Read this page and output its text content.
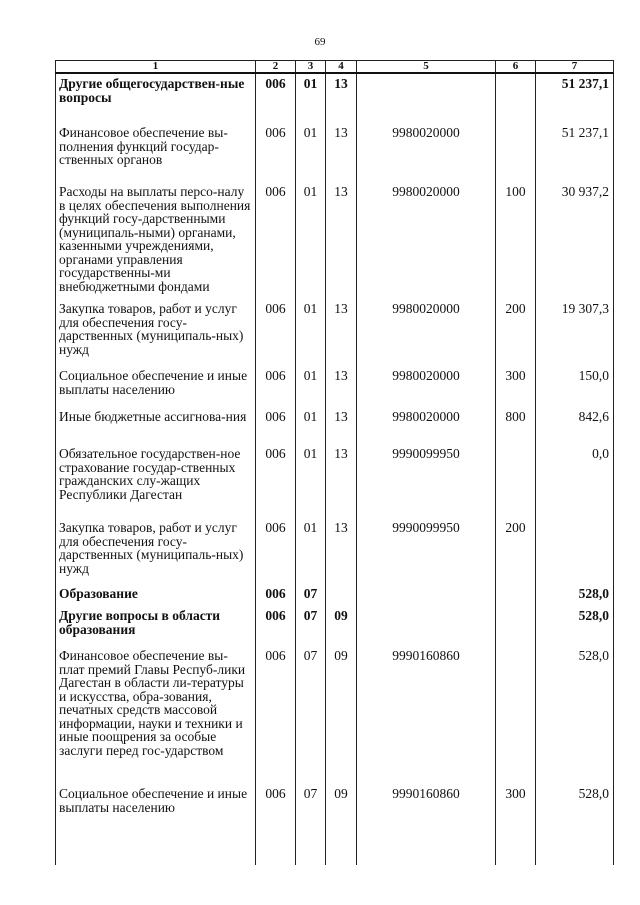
69
1	2	3	4	5	6	7
Другие общегосударствен-ные вопросы	006	01	13			51 237,1
Финансовое обеспечение вы-полнения функций государ-ственных органов	006	01	13	9980020000		51 237,1
Расходы на выплаты персо-налу в целях обеспечения выполнения функций госу-дарственными (муниципаль-ными) органами, казенными учреждениями, органами управления государственны-ми внебюджетными фондами	006	01	13	9980020000	100	30 937,2
Закупка товаров, работ и услуг для обеспечения госу-дарственных (муниципаль-ных) нужд	006	01	13	9980020000	200	19 307,3
Социальное обеспечение и иные выплаты населению	006	01	13	9980020000	300	150,0
Иные бюджетные ассигнова-ния	006	01	13	9980020000	800	842,6
Обязательное государствен-ное страхование государ-ственных гражданских слу-жащих Республики Дагестан	006	01	13	9990099950		0,0
Закупка товаров, работ и услуг для обеспечения госу-дарственных (муниципаль-ных) нужд	006	01	13	9990099950	200	
Образование	006	07				528,0
Другие вопросы в области образования	006	07	09			528,0
Финансовое обеспечение вы-плат премий Главы Респуб-лики Дагестан в области ли-тературы и искусства, обра-зования, печатных средств массовой информации, науки и техники и иные поощрения за особые заслуги перед гос-ударством	006	07	09	9990160860		528,0
Социальное обеспечение и иные выплаты населению	006	07	09	9990160860	300	528,0
